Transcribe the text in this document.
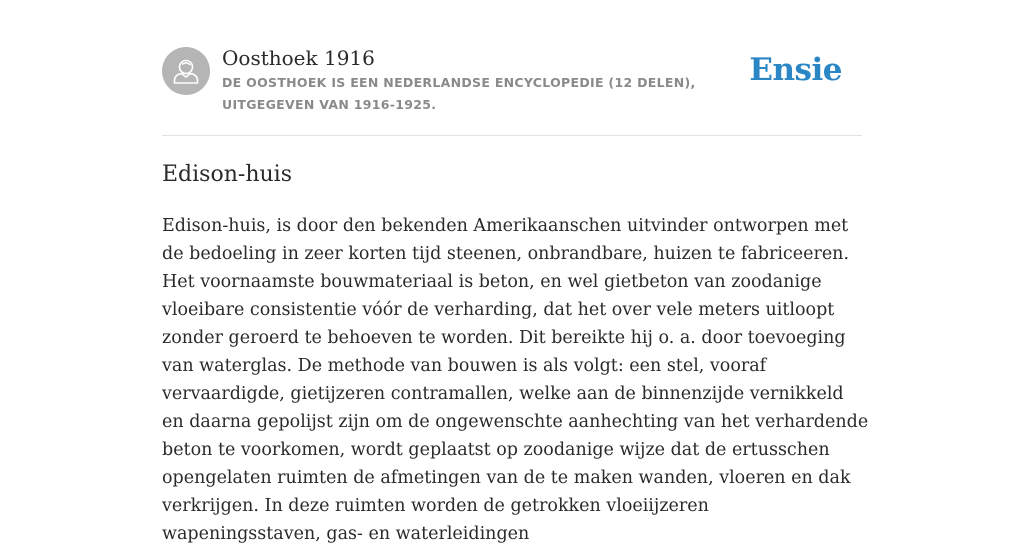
Oosthoek 1916
DE OOSTHOEK IS EEN NEDERLANDSE ENCYCLOPEDIE (12 DELEN), UITGEGEVEN VAN 1916-1925.
Ensie
Edison-huis

Edison-huis, is door den bekenden Amerikaanschen uitvinder ontworpen met de bedoeling in zeer korten tijd steenen, onbrandbare, huizen te fabriceeren. Het voornaamste bouwmateriaal is beton, en wel gietbeton van zoodanige vloeibare consistentie vóór de verharding, dat het over vele meters uitloopt zonder geroerd te behoeven te worden. Dit bereikte hij o. a. door toevoeging van waterglas. De methode van bouwen is als volgt: een stel, vooraf vervaardigde, gietijzeren contramallen, welke aan de binnenzijde vernikkeld en daarna gepolijst zijn om de ongewenschte aanhechting van het verhardende beton te voorkomen, wordt geplaatst op zoodanige wijze dat de ertusschen opengelaten ruimten de afmetingen van de te maken wanden, vloeren en dak verkrijgen. In deze ruimten worden de getrokken vloeiijzeren wapeningsstaven, gas- en waterleidingen
